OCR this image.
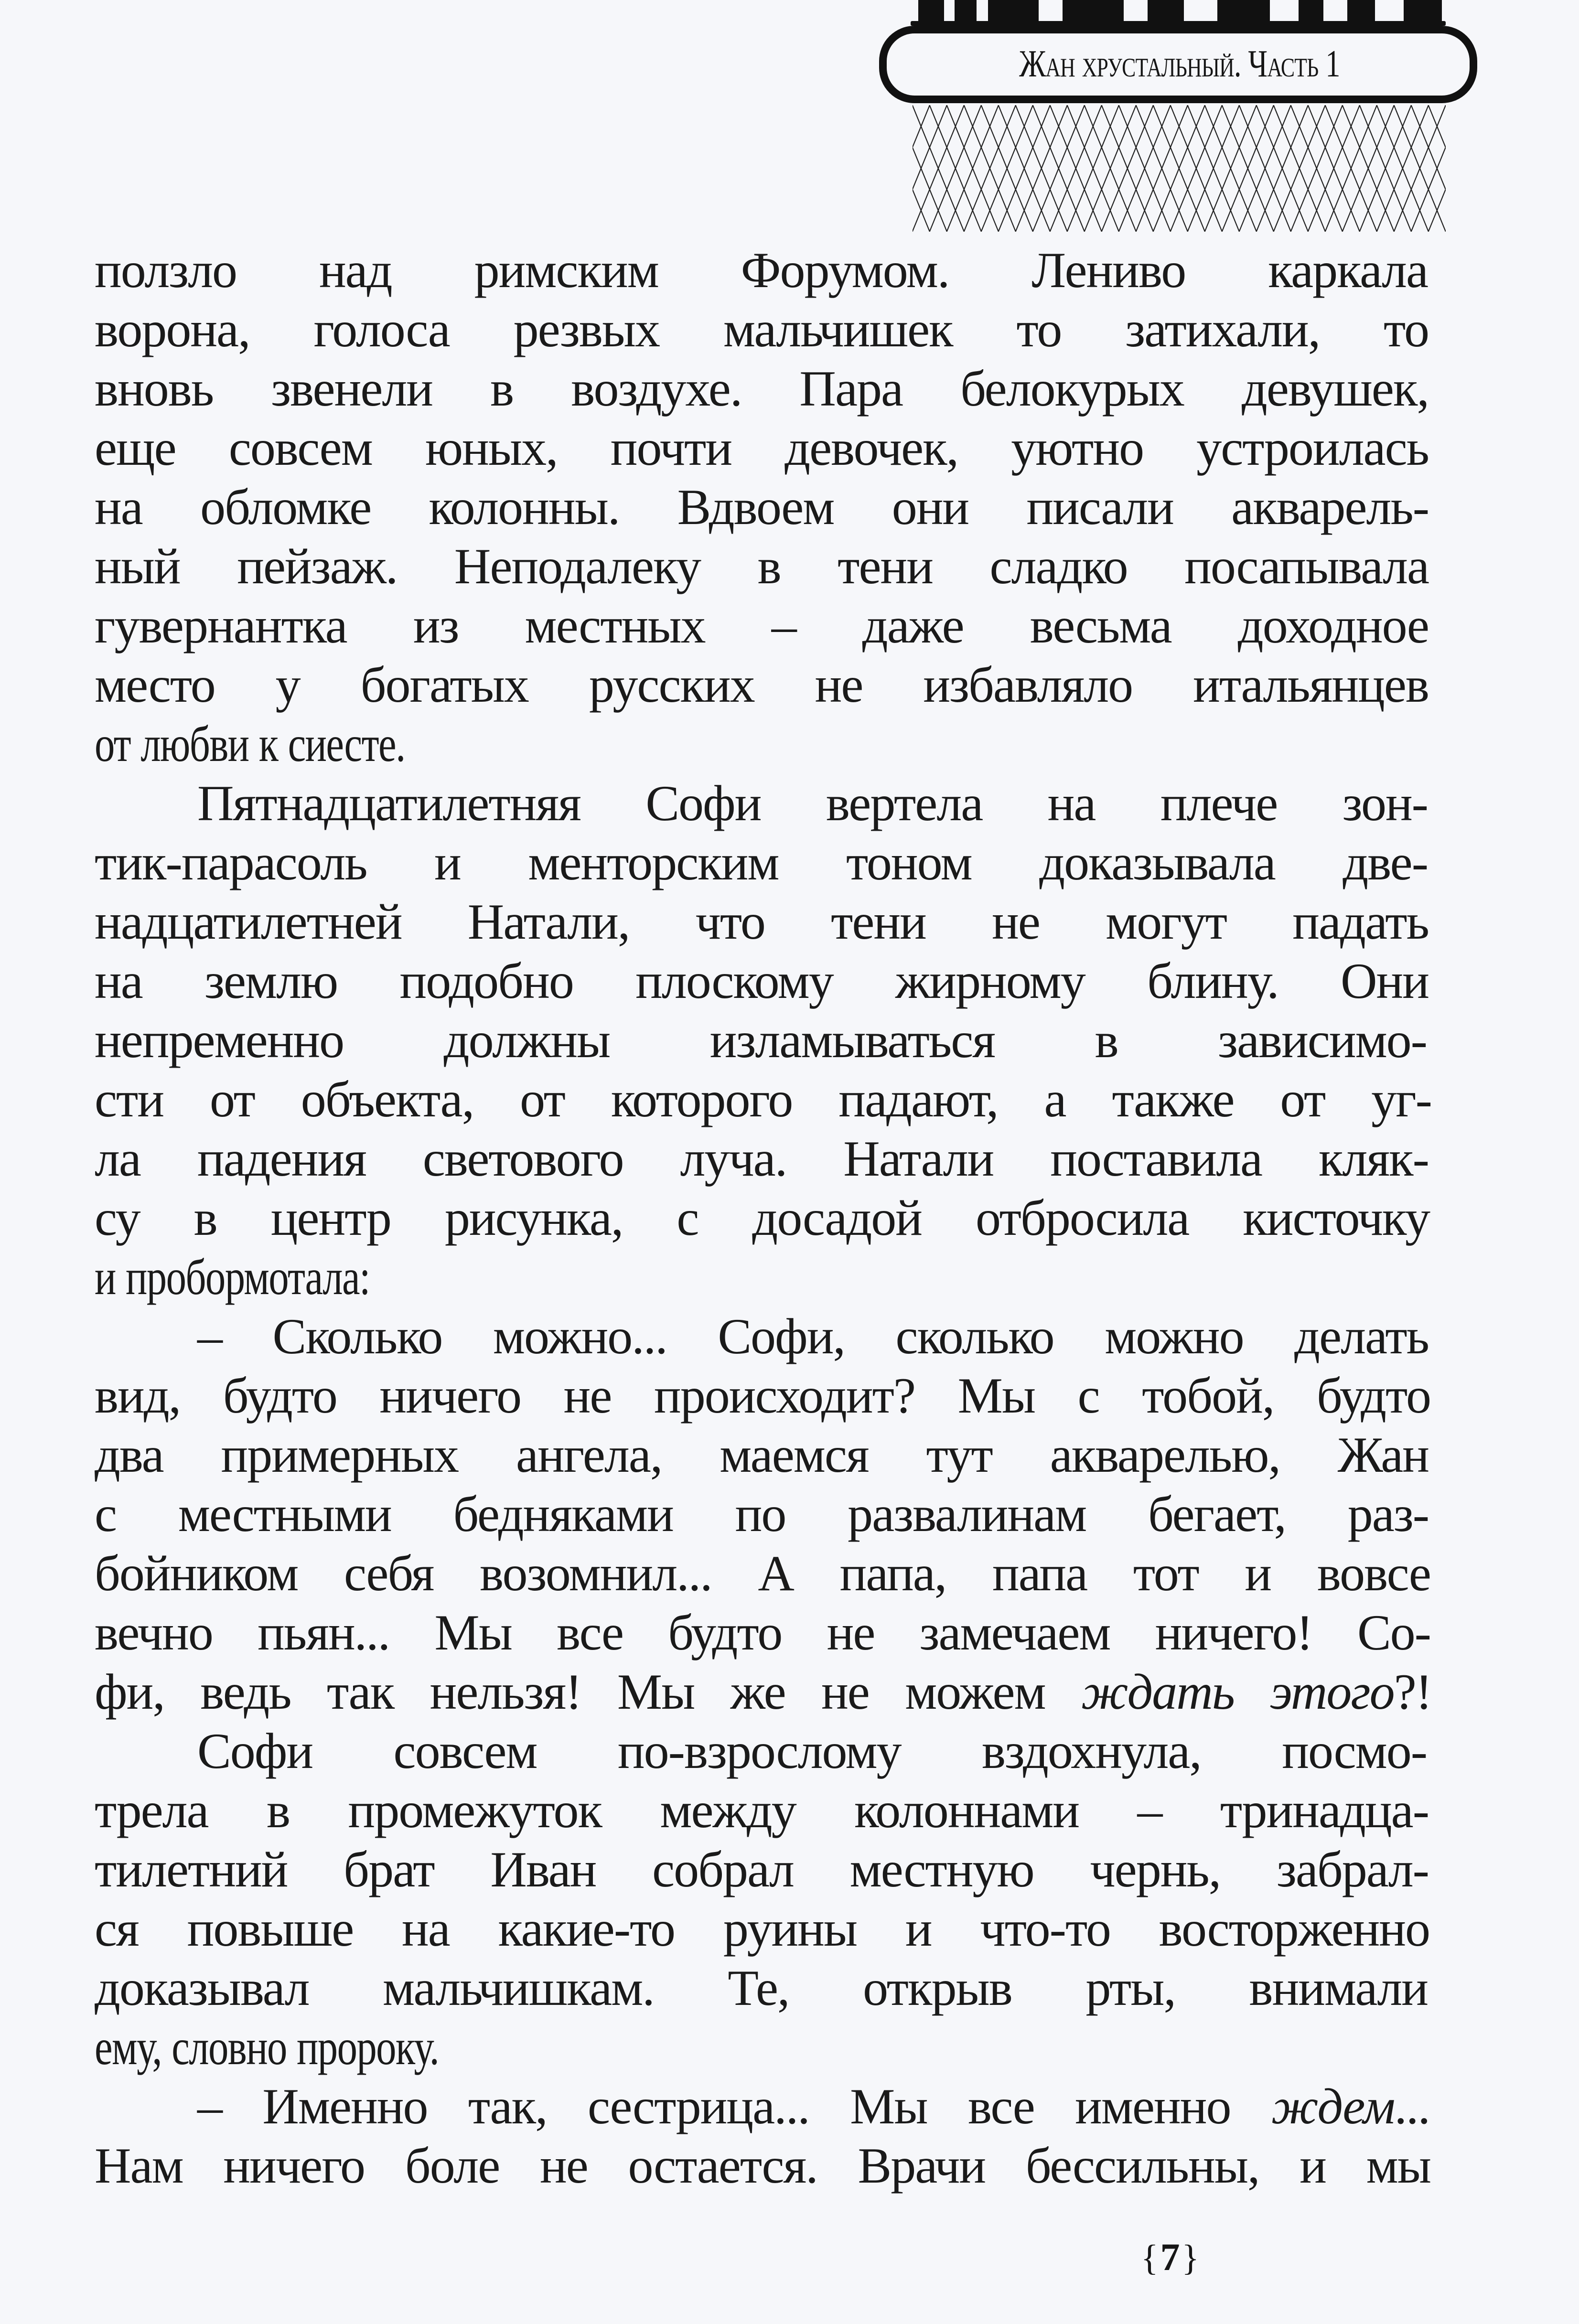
Жан хрустальный. Часть 1
ползло над римским Форумом. Лениво каркала
ворона, голоса резвых мальчишек то затихали, то
вновь звенели в воздухе. Пара белокурых девушек,
еще совсем юных, почти девочек, уютно устроилась
на обломке колонны. Вдвоем они писали акварель-
ный пейзаж. Неподалеку в тени сладко посапывала
гувернантка из местных – даже весьма доходное
место у богатых русских не избавляло итальянцев
от любви к сиесте.
Пятнадцатилетняя Софи вертела на плече зон-
тик-парасоль и менторским тоном доказывала две-
надцатилетней Натали, что тени не могут падать
на землю подобно плоскому жирному блину. Они
непременно должны изламываться в зависимо-
сти от объекта, от которого падают, а также от уг-
ла падения светового луча. Натали поставила кляк-
су в центр рисунка, с досадой отбросила кисточку
и пробормотала:
– Сколько можно... Софи, сколько можно делать
вид, будто ничего не происходит? Мы с тобой, будто
два примерных ангела, маемся тут акварелью, Жан
с местными бедняками по развалинам бегает, раз-
бойником себя возомнил... А папа, папа тот и вовсе
вечно пьян... Мы все будто не замечаем ничего! Со-
фи, ведь так нельзя! Мы же не можем ждать этого?!
Софи совсем по-взрослому вздохнула, посмо-
трела в промежуток между колоннами – тринадца-
тилетний брат Иван собрал местную чернь, забрал-
ся повыше на какие-то руины и что-то восторженно
доказывал мальчишкам. Те, открыв рты, внимали
ему, словно пророку.
– Именно так, сестрица... Мы все именно ждем...
Нам ничего боле не остается. Врачи бессильны, и мы
{7}
